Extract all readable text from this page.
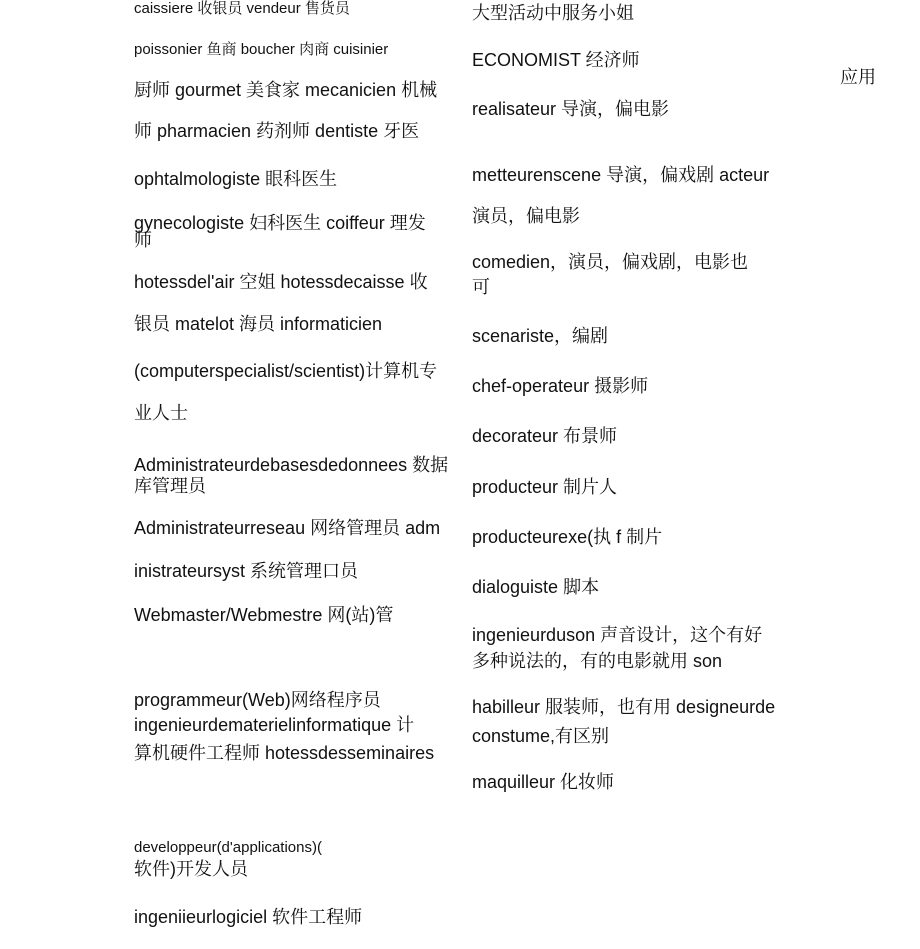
caissiere 收银员 vendeur 售货员
poissonier 鱼商 boucher 肉商 cuisinier
厨师 gourmet 美食家 mecanicien 机械
师 pharmacien 药剂师 dentiste 牙医
ophtalmologiste 眼科医生
gynecologiste 妇科医生 coiffeur 理发
师
hotessdel'air 空姐 hotessdecaisse 收
银员 matelot 海员 informaticien
(computerspecialist/scientist)计算机专
业人士
Administrateurdebasesdedonnees 数据
库管理员
Administrateurreseau 网络管理员 adm
inistrateursyst 系统管理口员
Webmaster/Webmestre 网(站)管
programmeur(Web)网络程序员
ingenieurdematerielinformatique 计
算机硬件工程师 hotessdesseminaires
developpeur(d'applications)(
软件)开发人员
ingeniieurlogiciel 软件工程师
大型活动中服务小姐
ECONOMIST 经济师
realisateur 导演，偏电影
metteurenscene 导演，偏戏剧 acteur
演员，偏电影
comedien，演员，偏戏剧，电影也
可
scenariste，编剧
chef-operateur 摄影师
decorateur 布景师
producteur 制片人
producteurexe(执 f 制片
dialoguiste 脚本
ingenieurduson 声音设计，这个有好
多种说法的，有的电影就用 son
habilleur 服装师，也有用 designeurde
constume,有区别
maquilleur 化妆师
应用
